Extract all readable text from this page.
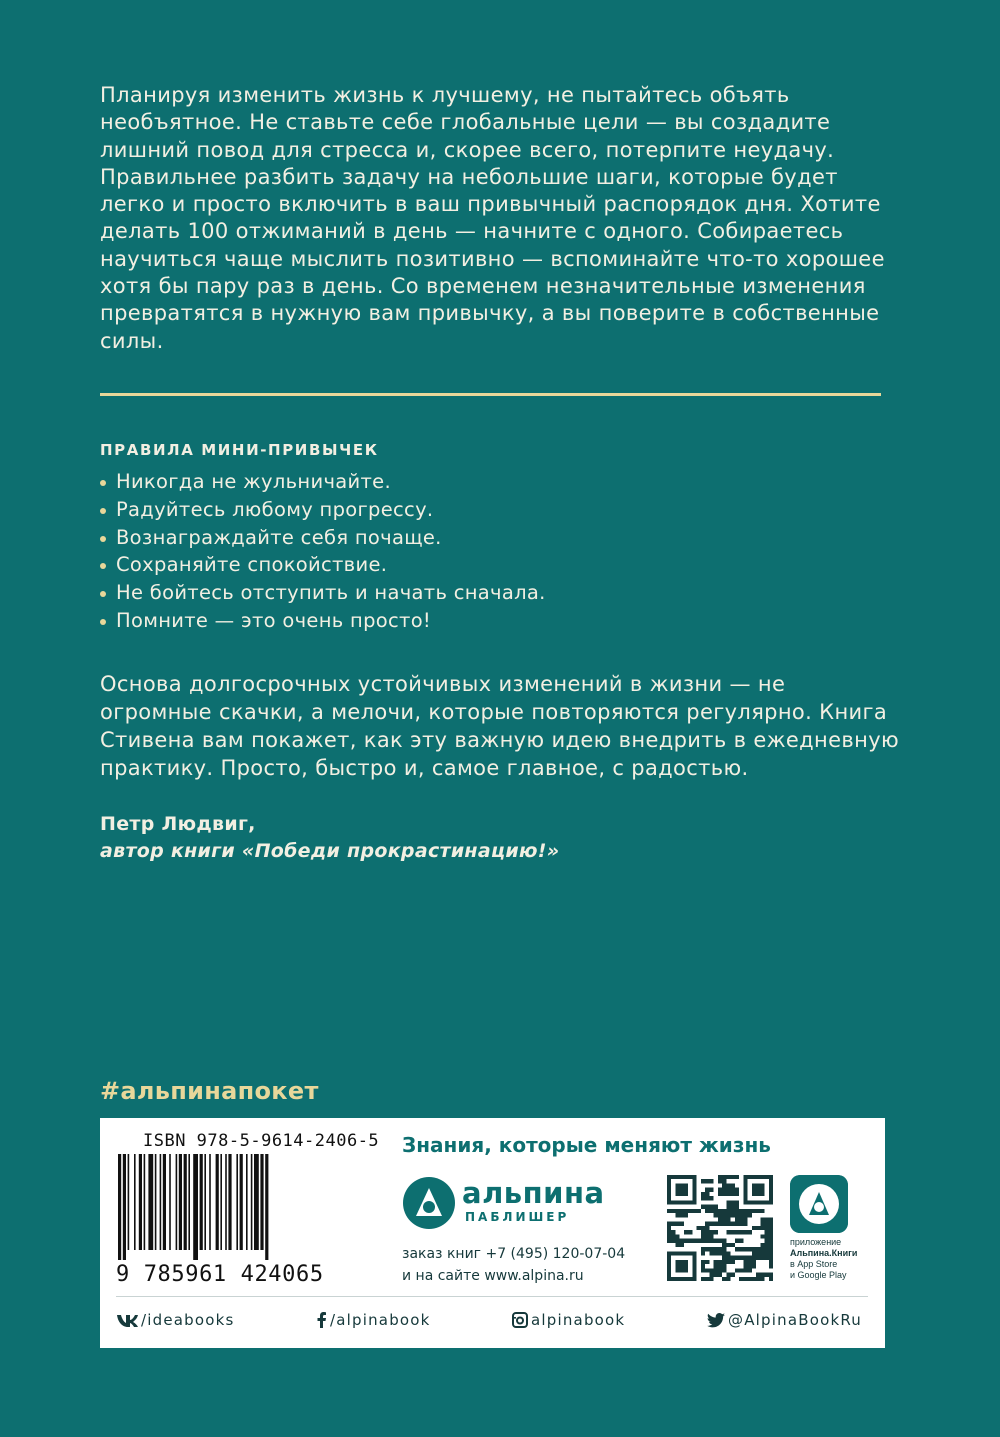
Планируя изменить жизнь к лучшему, не пытайтесь объять необъятное. Не ставьте себе глобальные цели — вы создадите лишний повод для стресса и, скорее всего, потерпите неудачу. Правильнее разбить задачу на небольшие шаги, которые будет легко и просто включить в ваш привычный распорядок дня. Хотите делать 100 отжиманий в день — начните с одного. Собираетесь научиться чаще мыслить позитивно — вспоминайте что-то хорошее хотя бы пару раз в день. Со временем незначительные изменения превратятся в нужную вам привычку, а вы поверите в собственные силы.

ПРАВИЛА МИНИ-ПРИВЫЧЕК
Никогда не жульничайте.
Радуйтесь любому прогрессу.
Вознаграждайте себя почаще.
Сохраняйте спокойствие.
Не бойтесь отступить и начать сначала.
Помните — это очень просто!

Основа долгосрочных устойчивых изменений в жизни — не огромные скачки, а мелочи, которые повторяются регулярно. Книга Стивена вам покажет, как эту важную идею внедрить в ежедневную практику. Просто, быстро и, самое главное, с радостью.

Петр Людвиг,
автор книги «Победи прокрастинацию!»
#альпинапокет
ISBN 978-5-9614-2406-5
9 785961 424065
Знания, которые меняют жизнь
альпина
ПАБЛИШЕР
заказ книг +7 (495) 120-07-04
и на сайте www.alpina.ru
приложение
Альпина.Книги
в App Store
и Google Play
/ideabooks	/alpinabook	alpinabook	@AlpinaBookRu
